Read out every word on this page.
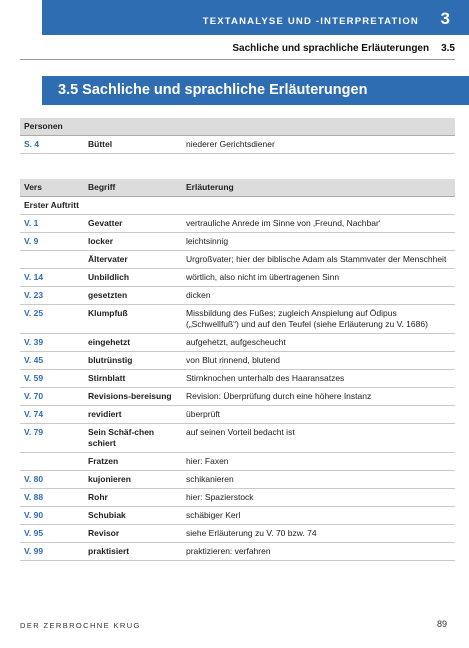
TEXTANALYSE UND -INTERPRETATION 3
Sachliche und sprachliche Erläuterungen 3.5
3.5 Sachliche und sprachliche Erläuterungen
Personen
S. 4	Büttel	niederer Gerichtsdiener
Vers	Begriff	Erläuterung
Erster Auftritt		
V. 1	Gevatter	vertrauliche Anrede im Sinne von ‚Freund, Nachbar‘
V. 9	locker	leichtsinnig
	Ältervater	Urgroßvater; hier der biblische Adam als Stammvater der Menschheit
V. 14	Unbildlich	wörtlich, also nicht im übertragenen Sinn
V. 23	gesetzten	dicken
V. 25	Klumpfuß	Missbildung des Fußes; zugleich Anspielung auf Ödipus („Schwellfuß“) und auf den Teufel (siehe Erläuterung zu V. 1686)
V. 39	eingehetzt	aufgehetzt, aufgescheucht
V. 45	blutrünstig	von Blut rinnend, blutend
V. 59	Stirnblatt	Stirnknochen unterhalb des Haaransatzes
V. 70	Revisions-bereisung	Revision: Überprüfung durch eine höhere Instanz
V. 74	revidiert	überprüft
V. 79	Sein Schäf-chen schiert	auf seinen Vorteil bedacht ist
	Fratzen	hier: Faxen
V. 80	kujonieren	schikanieren
V. 88	Rohr	hier: Spazierstock
V. 90	Schubiak	schäbiger Kerl
V. 95	Revisor	siehe Erläuterung zu V. 70 bzw. 74
V. 99	praktisiert	praktizieren: verfahren
DER ZERBROCHNE KRUG	89
